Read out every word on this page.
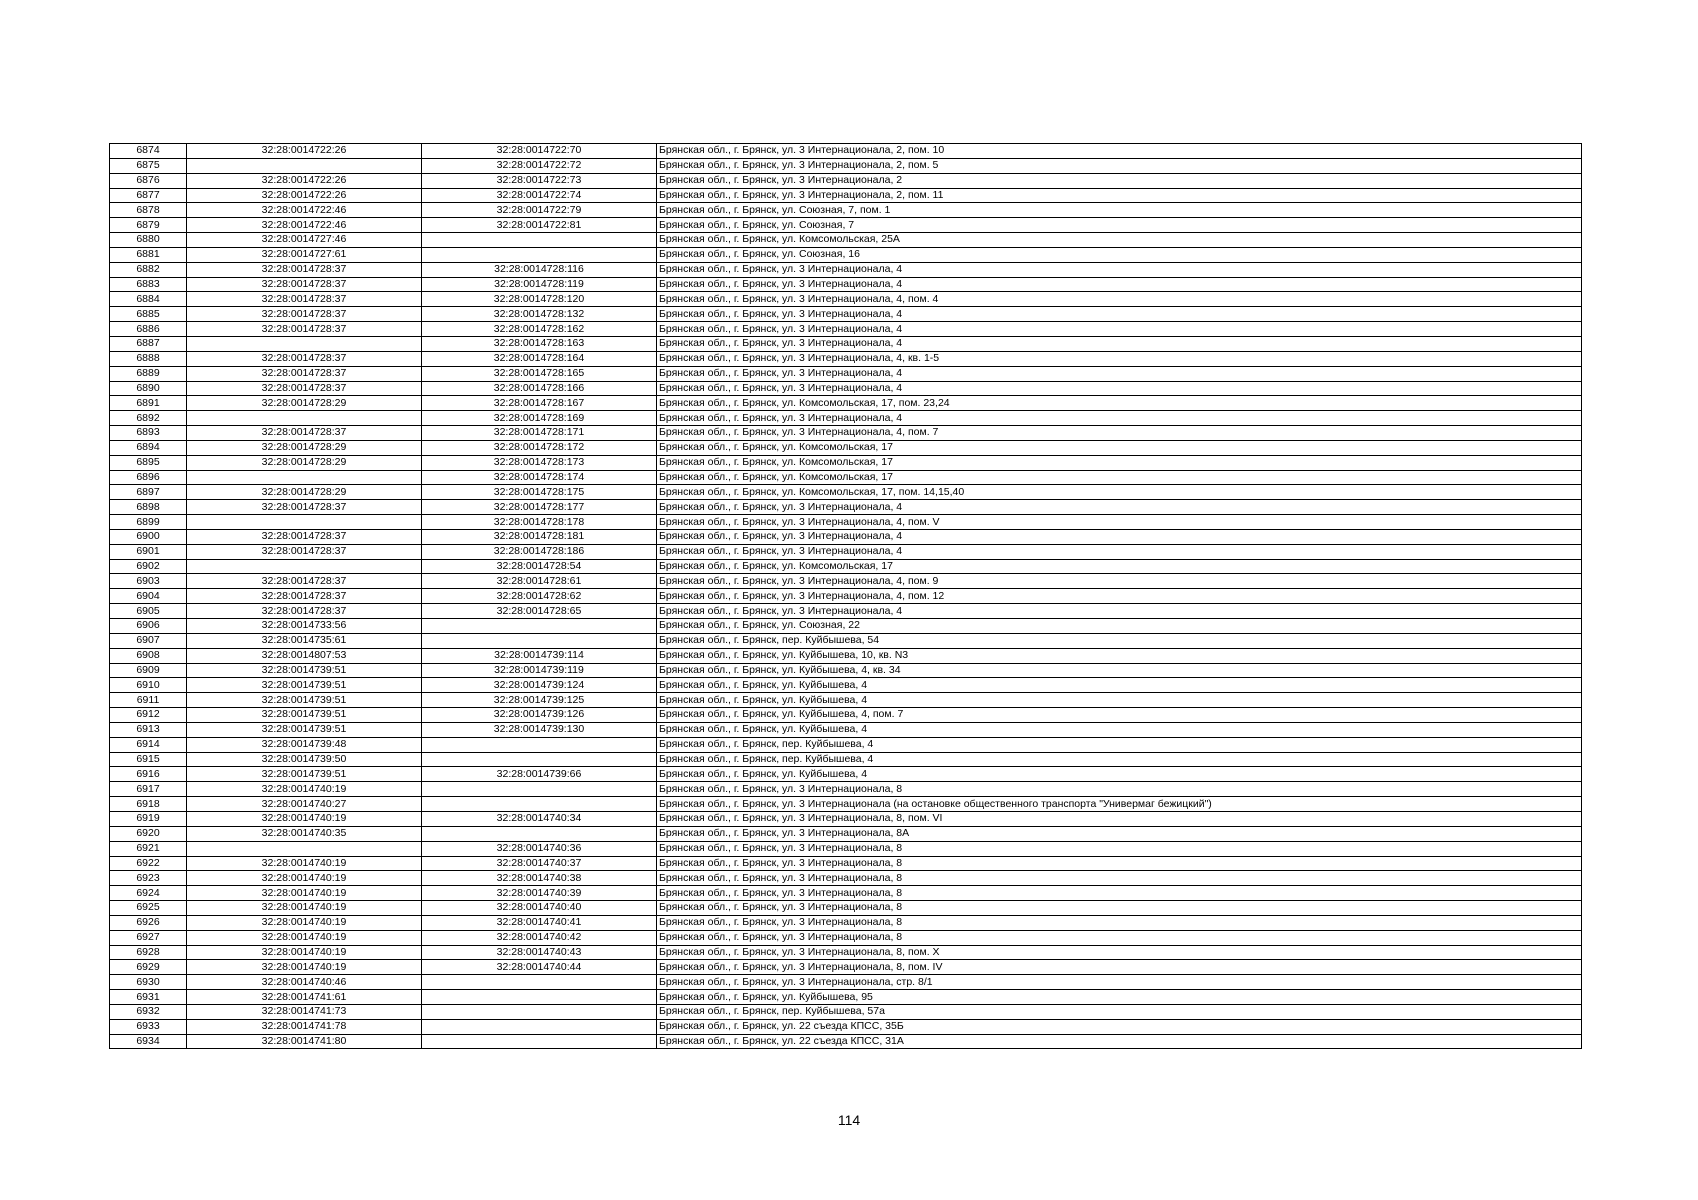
6874	32:28:0014722:26	32:28:0014722:70	Брянская обл., г. Брянск, ул. 3 Интернационала, 2, пом. 10
6875		32:28:0014722:72	Брянская обл., г. Брянск, ул. 3 Интернационала, 2, пом. 5
6876	32:28:0014722:26	32:28:0014722:73	Брянская обл., г. Брянск, ул. 3 Интернационала, 2
6877	32:28:0014722:26	32:28:0014722:74	Брянская обл., г. Брянск, ул. 3 Интернационала, 2, пом. 11
6878	32:28:0014722:46	32:28:0014722:79	Брянская обл., г. Брянск, ул. Союзная, 7, пом. 1
6879	32:28:0014722:46	32:28:0014722:81	Брянская обл., г. Брянск, ул. Союзная, 7
6880	32:28:0014727:46		Брянская обл., г. Брянск, ул. Комсомольская, 25А
6881	32:28:0014727:61		Брянская обл., г. Брянск, ул. Союзная, 16
6882	32:28:0014728:37	32:28:0014728:116	Брянская обл., г. Брянск, ул. 3 Интернационала, 4
6883	32:28:0014728:37	32:28:0014728:119	Брянская обл., г. Брянск, ул. 3 Интернационала, 4
6884	32:28:0014728:37	32:28:0014728:120	Брянская обл., г. Брянск, ул. 3 Интернационала, 4, пом. 4
6885	32:28:0014728:37	32:28:0014728:132	Брянская обл., г. Брянск, ул. 3 Интернационала, 4
6886	32:28:0014728:37	32:28:0014728:162	Брянская обл., г. Брянск, ул. 3 Интернационала, 4
6887		32:28:0014728:163	Брянская обл., г. Брянск, ул. 3 Интернационала, 4
6888	32:28:0014728:37	32:28:0014728:164	Брянская обл., г. Брянск, ул. 3 Интернационала, 4, кв. 1-5
6889	32:28:0014728:37	32:28:0014728:165	Брянская обл., г. Брянск, ул. 3 Интернационала, 4
6890	32:28:0014728:37	32:28:0014728:166	Брянская обл., г. Брянск, ул. 3 Интернационала, 4
6891	32:28:0014728:29	32:28:0014728:167	Брянская обл., г. Брянск, ул. Комсомольская, 17, пом. 23,24
6892		32:28:0014728:169	Брянская обл., г. Брянск, ул. 3 Интернационала, 4
6893	32:28:0014728:37	32:28:0014728:171	Брянская обл., г. Брянск, ул. 3 Интернационала, 4, пом. 7
6894	32:28:0014728:29	32:28:0014728:172	Брянская обл., г. Брянск, ул. Комсомольская, 17
6895	32:28:0014728:29	32:28:0014728:173	Брянская обл., г. Брянск, ул. Комсомольская, 17
6896		32:28:0014728:174	Брянская обл., г. Брянск, ул. Комсомольская, 17
6897	32:28:0014728:29	32:28:0014728:175	Брянская обл., г. Брянск, ул. Комсомольская, 17, пом. 14,15,40
6898	32:28:0014728:37	32:28:0014728:177	Брянская обл., г. Брянск, ул. 3 Интернационала, 4
6899		32:28:0014728:178	Брянская обл., г. Брянск, ул. 3 Интернационала, 4, пом. V
6900	32:28:0014728:37	32:28:0014728:181	Брянская обл., г. Брянск, ул. 3 Интернационала, 4
6901	32:28:0014728:37	32:28:0014728:186	Брянская обл., г. Брянск, ул. 3 Интернационала, 4
6902		32:28:0014728:54	Брянская обл., г. Брянск, ул. Комсомольская, 17
6903	32:28:0014728:37	32:28:0014728:61	Брянская обл., г. Брянск, ул. 3 Интернационала, 4, пом. 9
6904	32:28:0014728:37	32:28:0014728:62	Брянская обл., г. Брянск, ул. 3 Интернационала, 4, пом. 12
6905	32:28:0014728:37	32:28:0014728:65	Брянская обл., г. Брянск, ул. 3 Интернационала, 4
6906	32:28:0014733:56		Брянская обл., г. Брянск, ул. Союзная, 22
6907	32:28:0014735:61		Брянская обл., г. Брянск, пер. Куйбышева, 54
6908	32:28:0014807:53	32:28:0014739:114	Брянская обл., г. Брянск, ул. Куйбышева, 10, кв. N3
6909	32:28:0014739:51	32:28:0014739:119	Брянская обл., г. Брянск, ул. Куйбышева, 4, кв. 34
6910	32:28:0014739:51	32:28:0014739:124	Брянская обл., г. Брянск, ул. Куйбышева, 4
6911	32:28:0014739:51	32:28:0014739:125	Брянская обл., г. Брянск, ул. Куйбышева, 4
6912	32:28:0014739:51	32:28:0014739:126	Брянская обл., г. Брянск, ул. Куйбышева, 4, пом. 7
6913	32:28:0014739:51	32:28:0014739:130	Брянская обл., г. Брянск, ул. Куйбышева, 4
6914	32:28:0014739:48		Брянская обл., г. Брянск, пер. Куйбышева, 4
6915	32:28:0014739:50		Брянская обл., г. Брянск, пер. Куйбышева, 4
6916	32:28:0014739:51	32:28:0014739:66	Брянская обл., г. Брянск, ул. Куйбышева, 4
6917	32:28:0014740:19		Брянская обл., г. Брянск, ул. 3 Интернационала, 8
6918	32:28:0014740:27		Брянская обл., г. Брянск, ул. 3 Интернационала (на остановке общественного транспорта "Универмаг бежицкий")
6919	32:28:0014740:19	32:28:0014740:34	Брянская обл., г. Брянск, ул. 3 Интернационала, 8, пом. VI
6920	32:28:0014740:35		Брянская обл., г. Брянск, ул. 3 Интернационала, 8А
6921		32:28:0014740:36	Брянская обл., г. Брянск, ул. 3 Интернационала, 8
6922	32:28:0014740:19	32:28:0014740:37	Брянская обл., г. Брянск, ул. 3 Интернационала, 8
6923	32:28:0014740:19	32:28:0014740:38	Брянская обл., г. Брянск, ул. 3 Интернационала, 8
6924	32:28:0014740:19	32:28:0014740:39	Брянская обл., г. Брянск, ул. 3 Интернационала, 8
6925	32:28:0014740:19	32:28:0014740:40	Брянская обл., г. Брянск, ул. 3 Интернационала, 8
6926	32:28:0014740:19	32:28:0014740:41	Брянская обл., г. Брянск, ул. 3 Интернационала, 8
6927	32:28:0014740:19	32:28:0014740:42	Брянская обл., г. Брянск, ул. 3 Интернационала, 8
6928	32:28:0014740:19	32:28:0014740:43	Брянская обл., г. Брянск, ул. 3 Интернационала, 8, пом. X
6929	32:28:0014740:19	32:28:0014740:44	Брянская обл., г. Брянск, ул. 3 Интернационала, 8, пом. IV
6930	32:28:0014740:46		Брянская обл., г. Брянск, ул. 3 Интернационала, стр. 8/1
6931	32:28:0014741:61		Брянская обл., г. Брянск, ул. Куйбышева, 95
6932	32:28:0014741:73		Брянская обл., г. Брянск, пер. Куйбышева, 57а
6933	32:28:0014741:78		Брянская обл., г. Брянск, ул. 22 съезда КПСС, 35Б
6934	32:28:0014741:80		Брянская обл., г. Брянск, ул. 22 съезда КПСС, 31А
114
